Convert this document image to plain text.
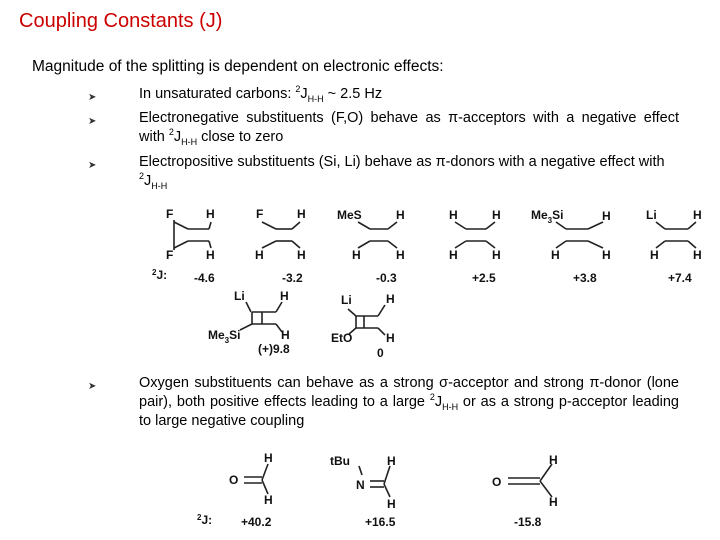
Coupling Constants (J)
Magnitude of the splitting is dependent on electronic effects:
➤	In unsaturated carbons: $^2J_{H-H}$ ~ 2.5 Hz
➤	Electronegative substituents (F,O) behave as π-acceptors with a negative effect with $^2J_{H-H}$ close to zero
➤	Electropositive substituents (Si, Li) behave as π-donors with a negative effect with $^2J_{H-H}$
➤	Oxygen substituents can behave as a strong σ-acceptor and strong π-donor (lone pair), both positive effects leading to a large $^2J_{H-H}$ or as a strong p-acceptor leading to large negative coupling
F	H
F	H
F	H
H	H
MeS	H
H	H
H	H
H	H
$Me_3Si$	H
H	H
Li	H
H	H
$^2$J: -4.6	-3.2	-0.3	+2.5	+3.8	+7.4
Li	H
$Me_3Si$	H
(+)9.8
Li	H
EtO	H
0
O
H
H
tBu
N
H
H
O
H
H
$^2$J: +40.2	+16.5	-15.8
